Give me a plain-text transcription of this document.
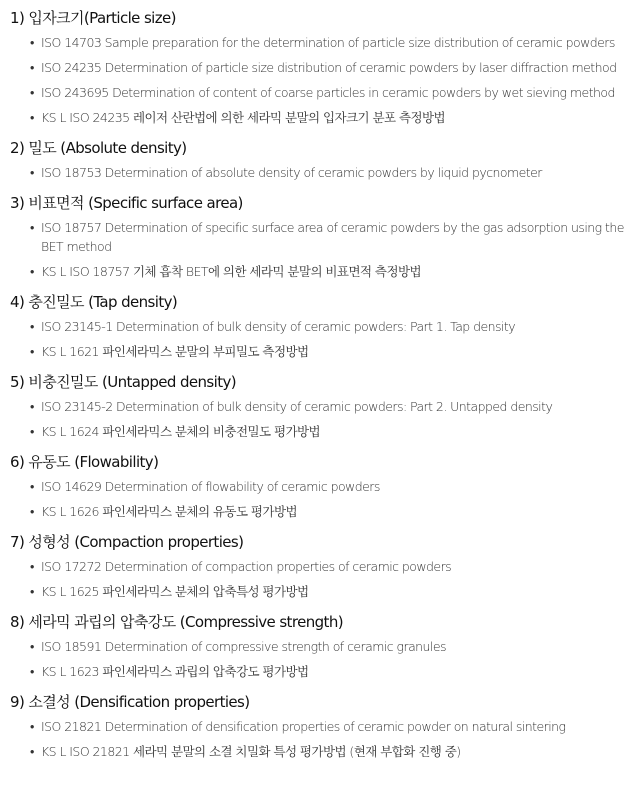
1) 입자크기(Particle size)
• ISO 14703 Sample preparation for the determination of particle size distribution of ceramic powders
• ISO 24235 Determination of particle size distribution of ceramic powders by laser diffraction method
• ISO 243695 Determination of content of coarse particles in ceramic powders by wet sieving method
• KS L ISO 24235 레이저 산란법에 의한 세라믹 분말의 입자크기 분포 측정방법
2) 밀도 (Absolute density)
• ISO 18753 Determination of absolute density of ceramic powders by liquid pycnometer
3) 비표면적 (Specific surface area)
• ISO 18757 Determination of specific surface area of ceramic powders by the gas adsorption using the BET method
• KS L ISO 18757 기체 흡착 BET에 의한 세라믹 분말의 비표면적 측정방법
4) 충진밀도 (Tap density)
• ISO 23145-1 Determination of bulk density of ceramic powders: Part 1. Tap density
• KS L 1621 파인세라믹스 분말의 부피밀도 측정방법
5) 비충진밀도 (Untapped density)
• ISO 23145-2 Determination of bulk density of ceramic powders: Part 2. Untapped density
• KS L 1624 파인세라믹스 분체의 비충전밀도 평가방법
6) 유동도 (Flowability)
• ISO 14629 Determination of flowability of ceramic powders
• KS L 1626 파인세라믹스 분체의 유동도 평가방법
7) 성형성 (Compaction properties)
• ISO 17272 Determination of compaction properties of ceramic powders
• KS L 1625 파인세라믹스 분체의 압축특성 평가방법
8) 세라믹 과립의 압축강도 (Compressive strength)
• ISO 18591 Determination of compressive strength of ceramic granules
• KS L 1623 파인세라믹스 과립의 압축강도 평가방법
9) 소결성 (Densification properties)
• ISO 21821 Determination of densification properties of ceramic powder on natural sintering
• KS L ISO 21821 세라믹 분말의 소결 치밀화 특성 평가방법 (현재 부합화 진행 중)
